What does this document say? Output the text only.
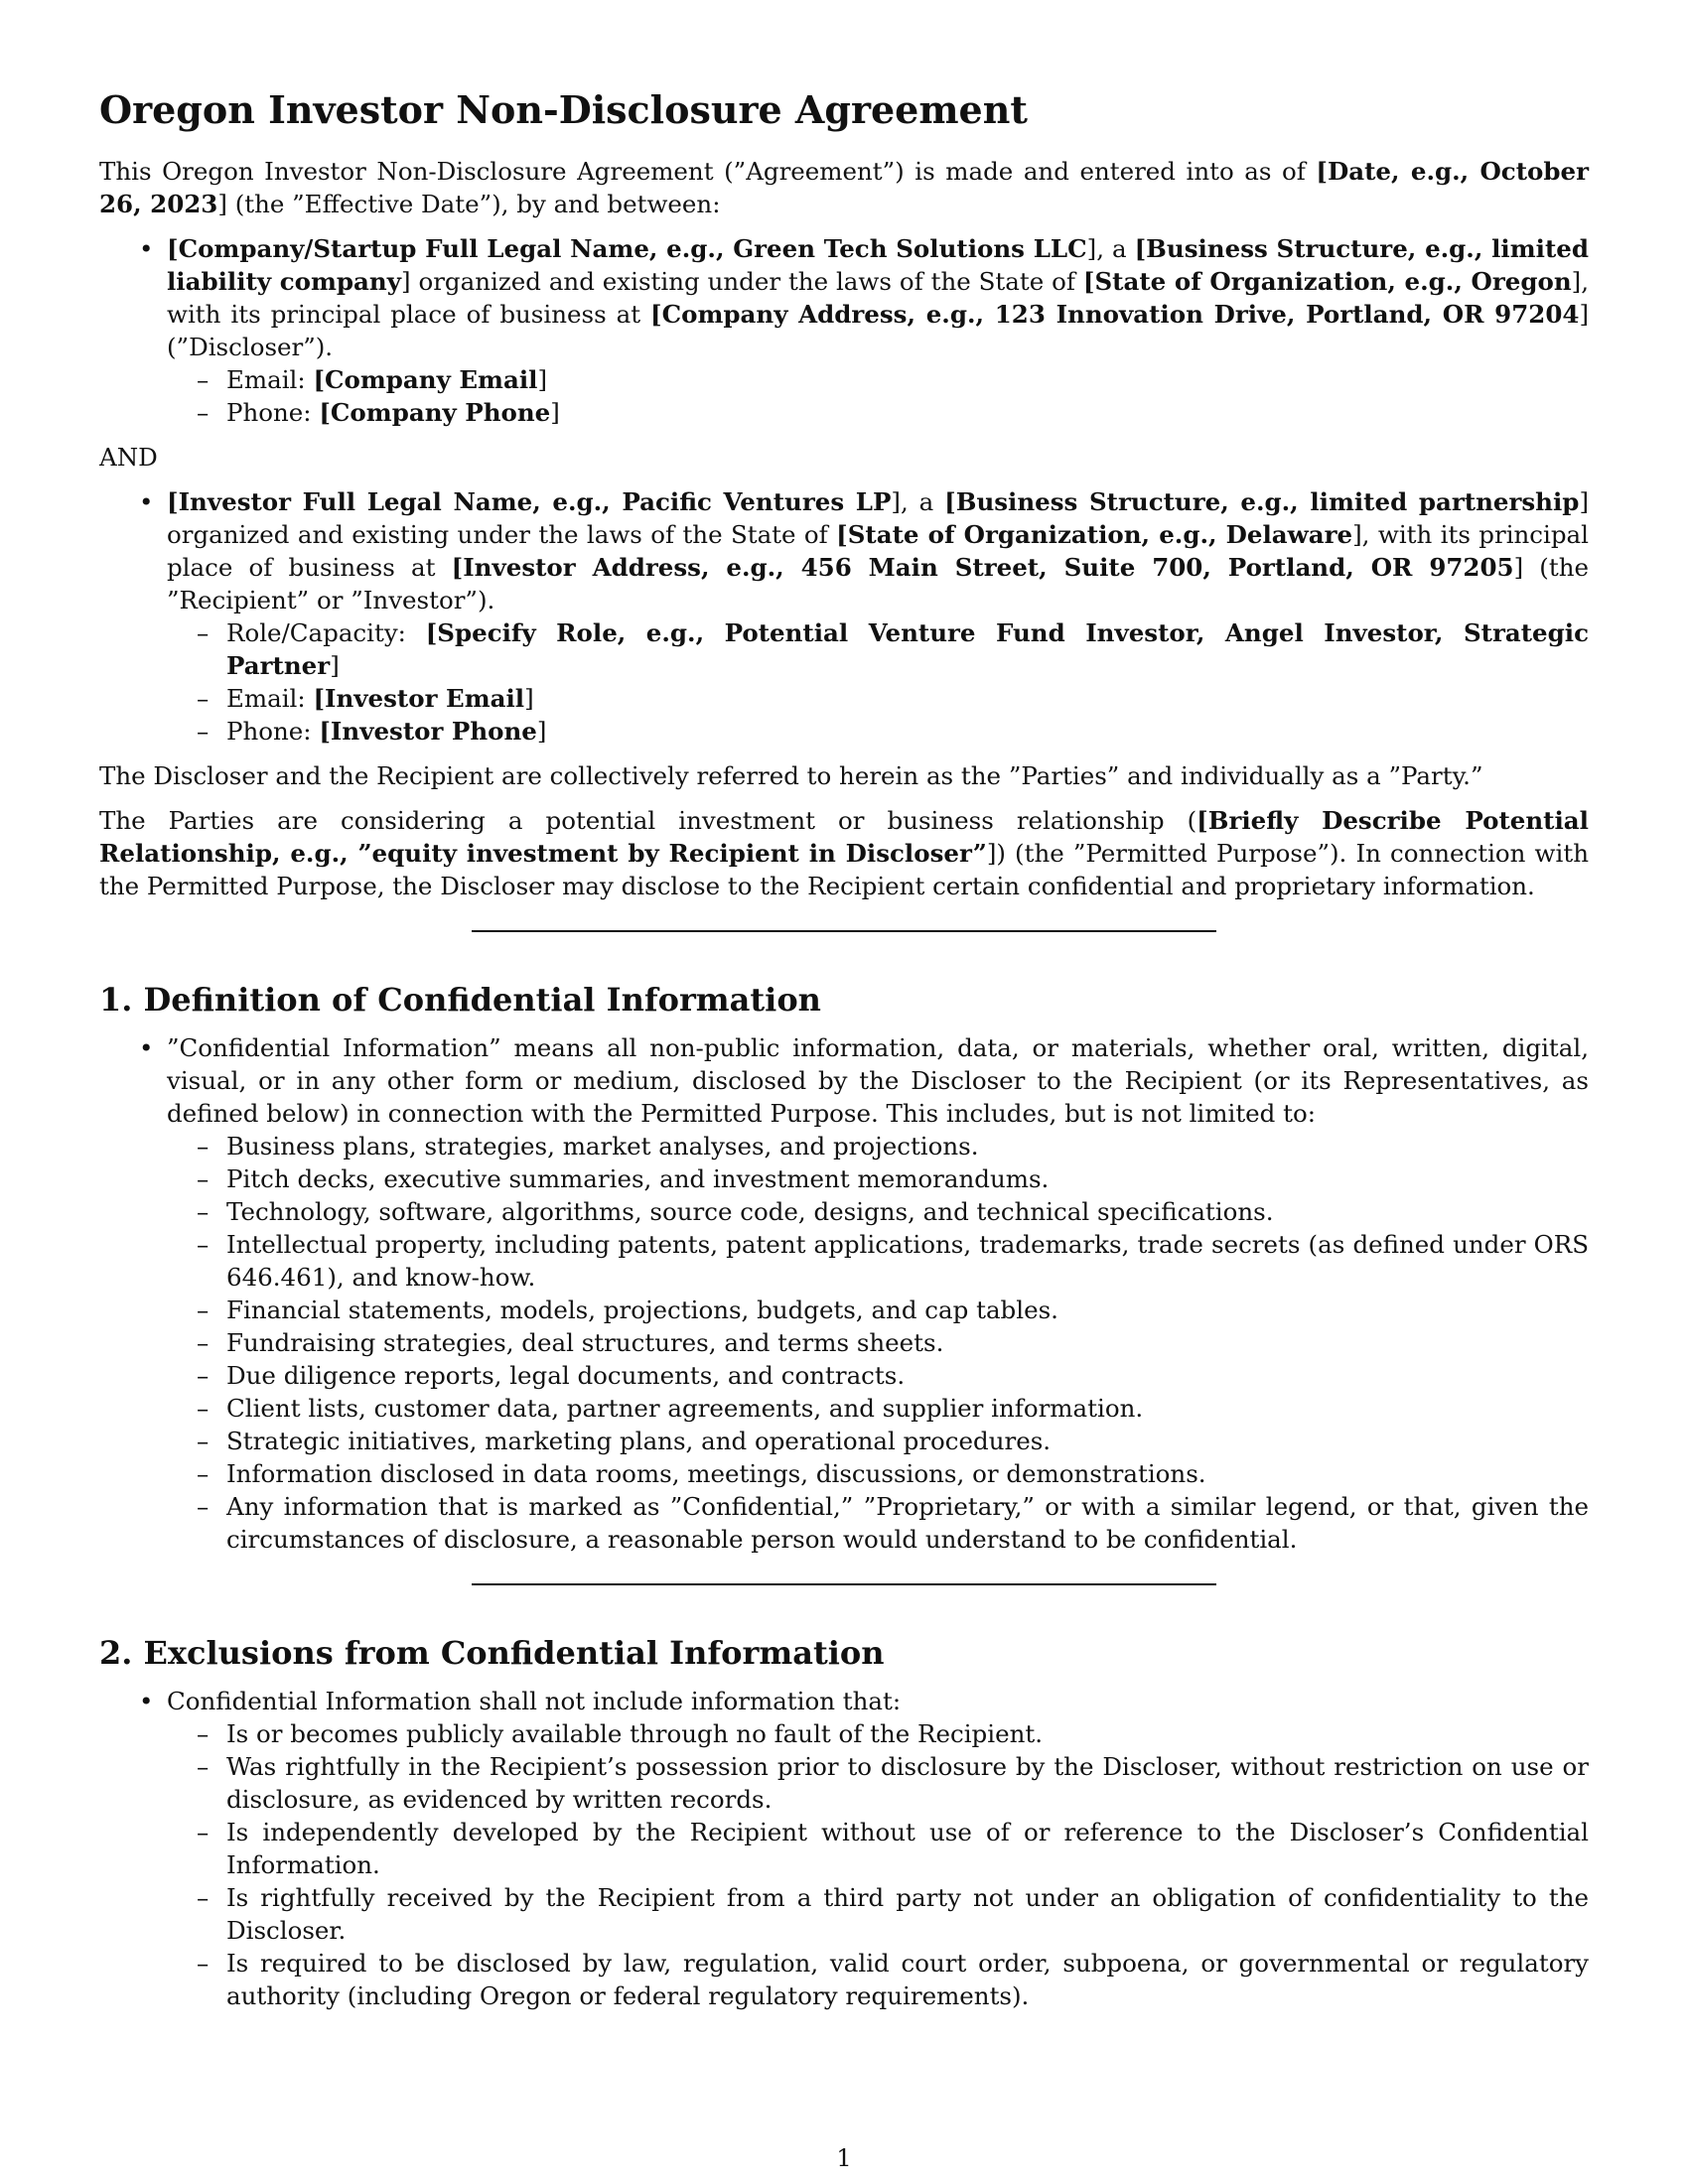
Oregon Investor Non-Disclosure Agreement

This Oregon Investor Non-Disclosure Agreement (”Agreement”) is made and entered into as of [Date, e.g., October 26, 2023] (the ”Effective Date”), by and between:

• [Company/Startup Full Legal Name, e.g., Green Tech Solutions LLC], a [Business Structure, e.g., limited liability company] organized and existing under the laws of the State of [State of Organization, e.g., Oregon], with its principal place of business at [Company Address, e.g., 123 Innovation Drive, Portland, OR 97204] (”Discloser”).
– Email: [Company Email]
– Phone: [Company Phone]

AND

• [Investor Full Legal Name, e.g., Pacific Ventures LP], a [Business Structure, e.g., limited partnership] organized and existing under the laws of the State of [State of Organization, e.g., Delaware], with its principal place of business at [Investor Address, e.g., 456 Main Street, Suite 700, Portland, OR 97205] (the ”Recipient” or ”Investor”).
– Role/Capacity: [Specify Role, e.g., Potential Venture Fund Investor, Angel Investor, Strategic Partner]
– Email: [Investor Email]
– Phone: [Investor Phone]

The Discloser and the Recipient are collectively referred to herein as the ”Parties” and individually as a ”Party.”

The Parties are considering a potential investment or business relationship ([Briefly Describe Potential Relationship, e.g., ”equity investment by Recipient in Discloser”]) (the ”Permitted Purpose”). In connection with the Permitted Purpose, the Discloser may disclose to the Recipient certain confidential and proprietary information.

1. Definition of Confidential Information
• ”Confidential Information” means all non-public information, data, or materials, whether oral, written, digital, visual, or in any other form or medium, disclosed by the Discloser to the Recipient (or its Representatives, as defined below) in connection with the Permitted Purpose. This includes, but is not limited to:
– Business plans, strategies, market analyses, and projections.
– Pitch decks, executive summaries, and investment memorandums.
– Technology, software, algorithms, source code, designs, and technical specifications.
– Intellectual property, including patents, patent applications, trademarks, trade secrets (as defined under ORS 646.461), and know-how.
– Financial statements, models, projections, budgets, and cap tables.
– Fundraising strategies, deal structures, and terms sheets.
– Due diligence reports, legal documents, and contracts.
– Client lists, customer data, partner agreements, and supplier information.
– Strategic initiatives, marketing plans, and operational procedures.
– Information disclosed in data rooms, meetings, discussions, or demonstrations.
– Any information that is marked as ”Confidential,” ”Proprietary,” or with a similar legend, or that, given the circumstances of disclosure, a reasonable person would understand to be confidential.
2. Exclusions from Confidential Information
• Confidential Information shall not include information that:
– Is or becomes publicly available through no fault of the Recipient.
– Was rightfully in the Recipient’s possession prior to disclosure by the Discloser, without restriction on use or disclosure, as evidenced by written records.
– Is independently developed by the Recipient without use of or reference to the Discloser’s Confidential Information.
– Is rightfully received by the Recipient from a third party not under an obligation of confidentiality to the Discloser.
– Is required to be disclosed by law, regulation, valid court order, subpoena, or governmental or regulatory authority (including Oregon or federal regulatory requirements).
1
